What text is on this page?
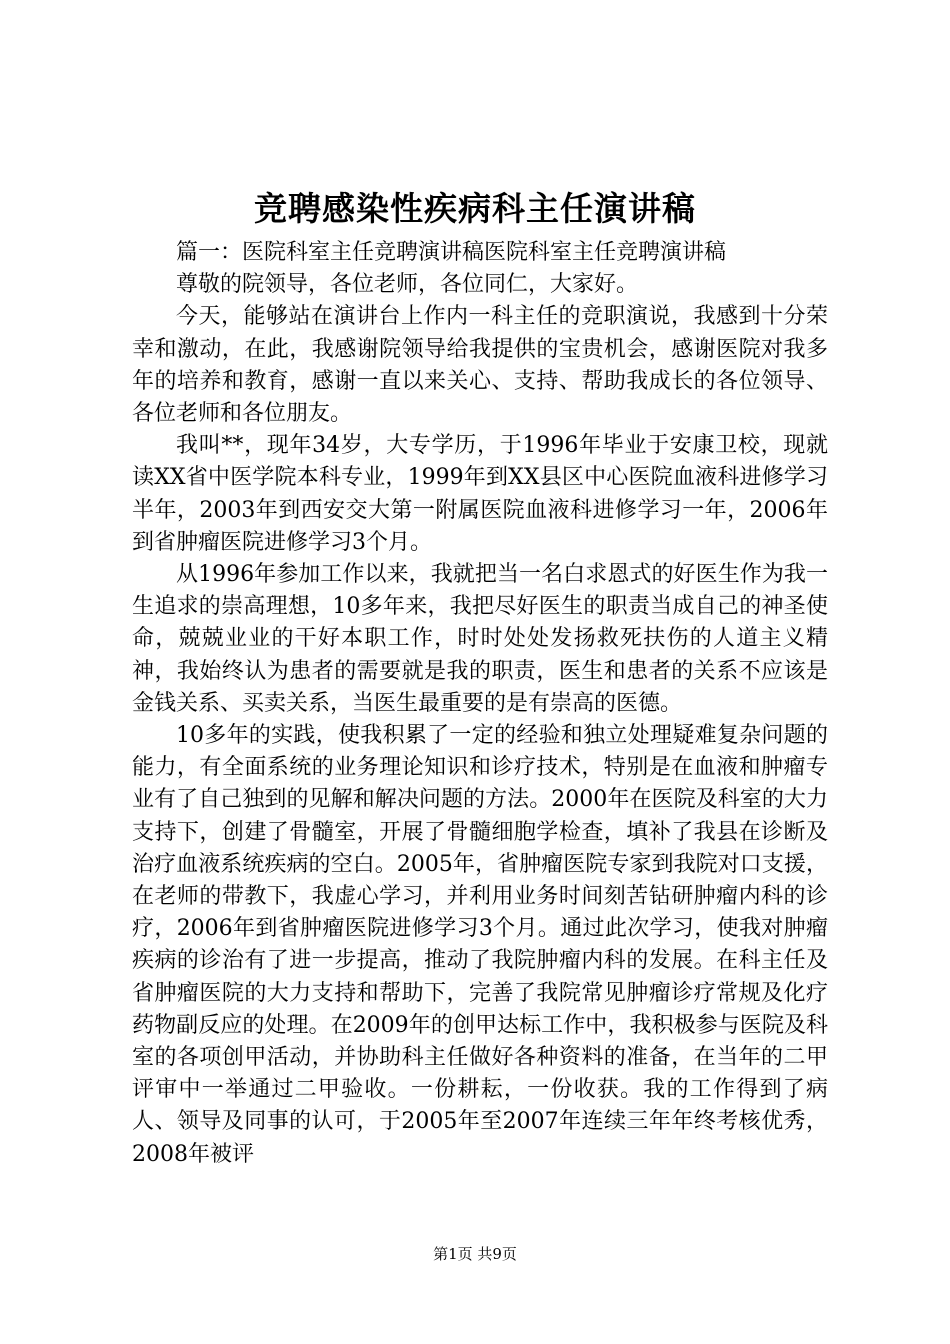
竞聘感染性疾病科主任演讲稿

篇一：医院科室主任竞聘演讲稿医院科室主任竞聘演讲稿

尊敬的院领导，各位老师，各位同仁，大家好。

今天，能够站在演讲台上作内一科主任的竞职演说，我感到十分荣幸和激动，在此，我感谢院领导给我提供的宝贵机会，感谢医院对我多年的培养和教育，感谢一直以来关心、支持、帮助我成长的各位领导、各位老师和各位朋友。

我叫**，现年34岁，大专学历，于1996年毕业于安康卫校，现就读XX省中医学院本科专业，1999年到XX县区中心医院血液科进修学习半年，2003年到西安交大第一附属医院血液科进修学习一年，2006年到省肿瘤医院进修学习3个月。

从1996年参加工作以来，我就把当一名白求恩式的好医生作为我一生追求的崇高理想，10多年来，我把尽好医生的职责当成自己的神圣使命，兢兢业业的干好本职工作，时时处处发扬救死扶伤的人道主义精神，我始终认为患者的需要就是我的职责，医生和患者的关系不应该是金钱关系、买卖关系，当医生最重要的是有崇高的医德。

10多年的实践，使我积累了一定的经验和独立处理疑难复杂问题的能力，有全面系统的业务理论知识和诊疗技术，特别是在血液和肿瘤专业有了自己独到的见解和解决问题的方法。2000年在医院及科室的大力支持下，创建了骨髓室，开展了骨髓细胞学检查，填补了我县在诊断及治疗血液系统疾病的空白。2005年，省肿瘤医院专家到我院对口支援，在老师的带教下，我虚心学习，并利用业务时间刻苦钻研肿瘤内科的诊疗，2006年到省肿瘤医院进修学习3个月。通过此次学习，使我对肿瘤疾病的诊治有了进一步提高，推动了我院肿瘤内科的发展。在科主任及省肿瘤医院的大力支持和帮助下，完善了我院常见肿瘤诊疗常规及化疗药物副反应的处理。在2009年的创甲达标工作中，我积极参与医院及科室的各项创甲活动，并协助科主任做好各种资料的准备，在当年的二甲评审中一举通过二甲验收。一份耕耘，一份收获。我的工作得到了病人、领导及同事的认可，于2005年至2007年连续三年年终考核优秀，2008年被评

第1页 共9页
